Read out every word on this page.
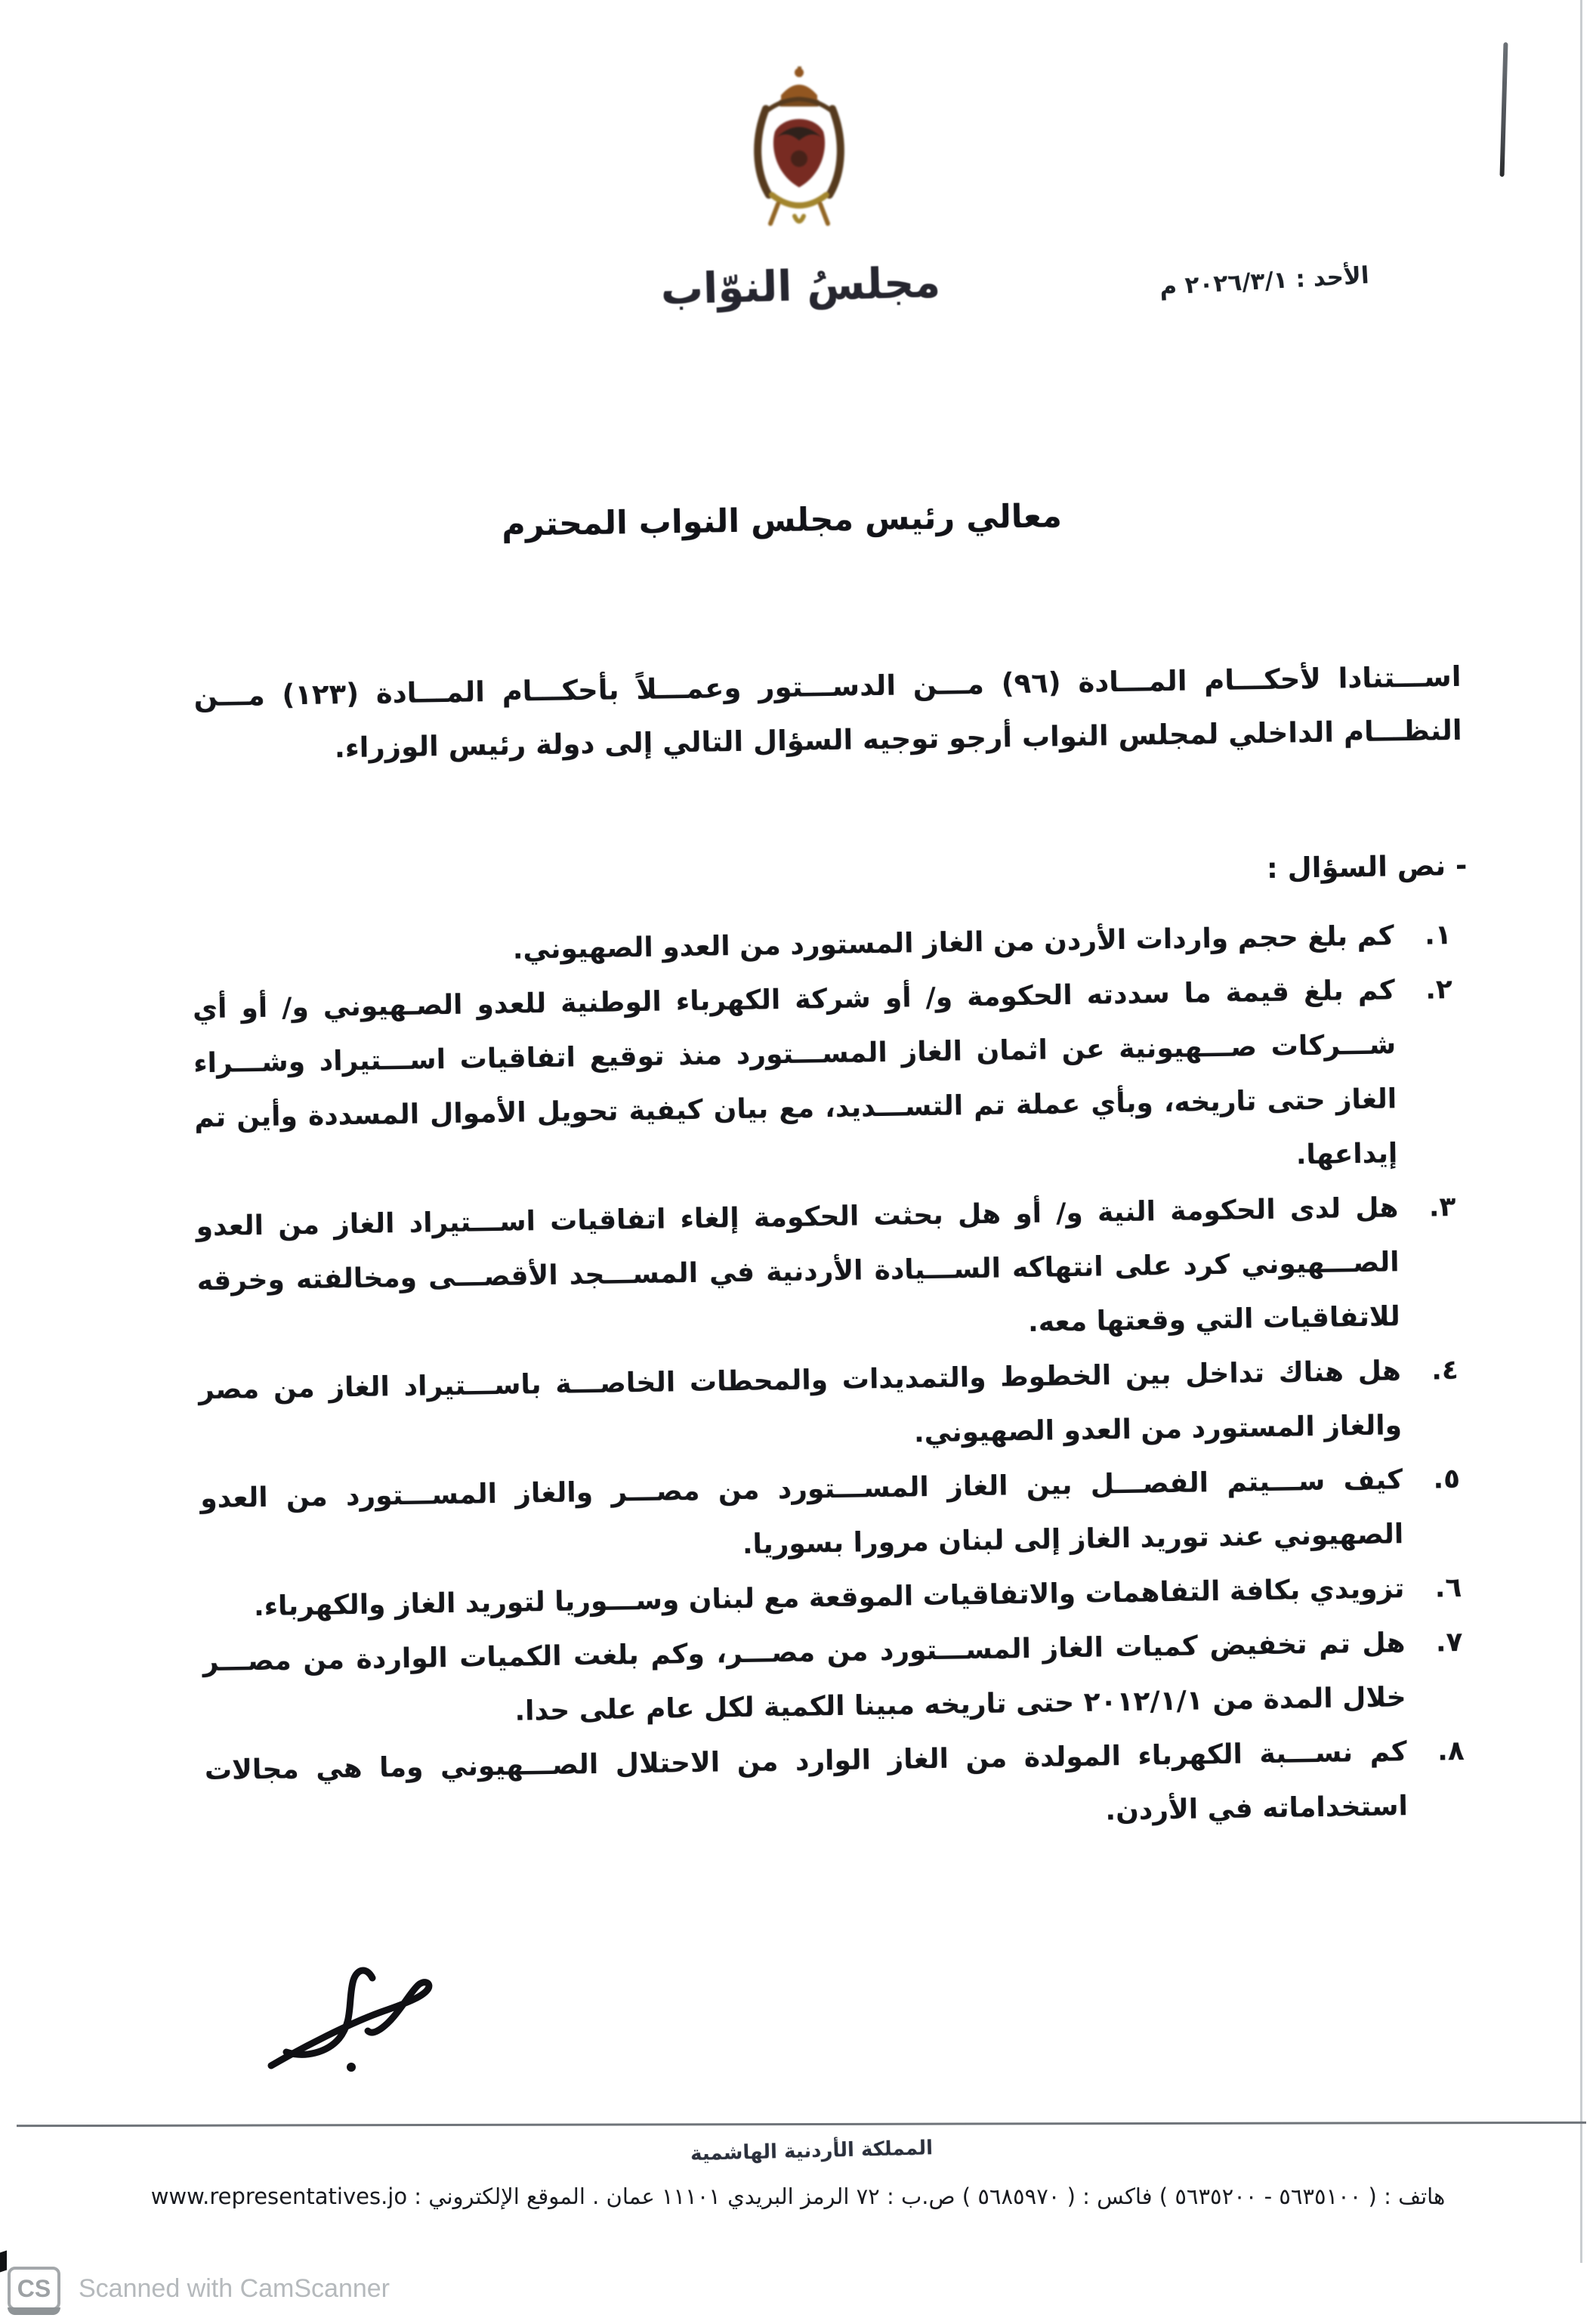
مجلسُ النوّاب	الأحد : ٢٠٢٦/٣/١ م
معالي رئيس مجلس النواب المحترم
اســـتنادا لأحكـــام المـــادة (٩٦) مـــن الدســـتور وعمـــلاً بأحكـــام المـــادة (١٢٣) مـــن النظـــام الداخلي لمجلس النواب أرجو توجيه السؤال التالي إلى دولة رئيس الوزراء.
- نص السؤال :
١.
كم بلغ حجم واردات الأردن من الغاز المستورد من العدو الصهيوني.
٢.
كم بلغ قيمة ما سددته الحكومة و/ أو شركة الكهرباء الوطنية للعدو الصـهيوني و/ أو أي شـــركات صـــهيونية عن اثمان الغاز المســـتورد منذ توقيع اتفاقيات اســـتيراد وشـــراء الغاز حتى تاريخه، وبأي عملة تم التســـديد، مع بيان كيفية تحويل الأموال المسددة وأين تم إيداعها.
٣.
هل لدى الحكومة النية و/ أو هل بحثت الحكومة إلغاء اتفاقيات اســـتيراد الغاز من العدو الصـــهيوني كرد على انتهاكه الســـيادة الأردنية في المســـجد الأقصـــى ومخالفته وخرقه للاتفاقيات التي وقعتها معه.
٤.
هل هناك تداخل بين الخطوط والتمديدات والمحطات الخاصـــة باســـتيراد الغاز من مصر والغاز المستورد من العدو الصهيوني.
٥.
كيف ســـيتم الفصـــل بين الغاز المســـتورد من مصـــر والغاز المســـتورد من العدو الصهيوني عند توريد الغاز إلى لبنان مرورا بسوريا.
٦.
تزويدي بكافة التفاهمات والاتفاقيات الموقعة مع لبنان وســـوريا لتوريد الغاز والكهرباء.
٧.
هل تم تخفيض كميات الغاز المســـتورد من مصـــر، وكم بلغت الكميات الواردة من مصـــر خلال المدة من ٢٠١٢/١/١ حتى تاريخه مبينا الكمية لكل عام على حدا.
٨.
كم نســـبة الكهرباء المولدة من الغاز الوارد من الاحتلال الصـــهيوني وما هي مجالات استخداماته في الأردن.
المملكة الأردنية الهاشمية
هاتف : ( ٥٦٣٥١٠٠ - ٥٦٣٥٢٠٠ ) فاكس : ( ٥٦٨٥٩٧٠ ) ص.ب : ٧٢ الرمز البريدي ١١١٠١ عمان . الموقع الإلكتروني : www.representatives.jo
CS	Scanned with CamScanner
